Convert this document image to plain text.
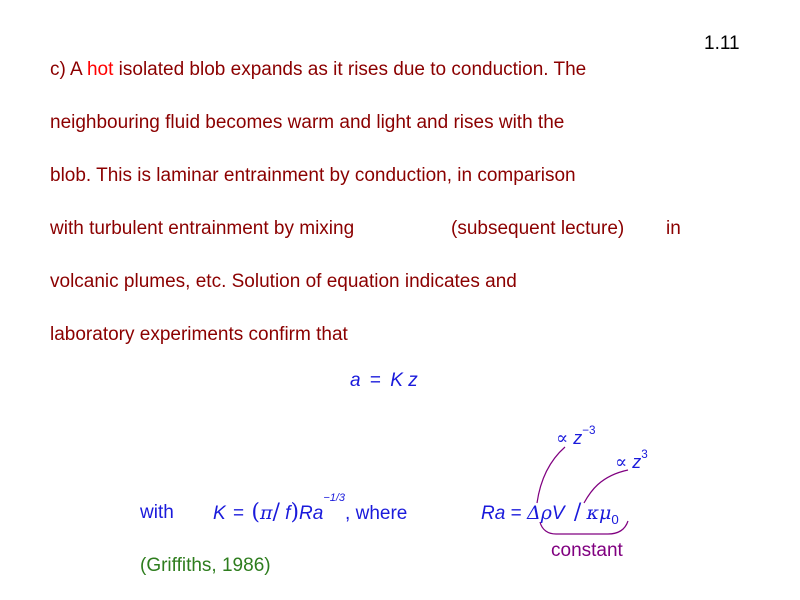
1.11
c) A hot isolated blob expands as it rises due to conduction. The
neighbouring fluid becomes warm and light and rises with the
blob. This is laminar entrainment by conduction, in comparison
with turbulent entrainment by mixing	(subsequent lecture) in
volcanic plumes, etc. Solution of equation indicates and
laboratory experiments confirm that
a = K z
∝ $z^{-3}$
∝ $z^3$
with K = (π/ $f)Ra^{-1/3}$, where	$Ra = \Delta\rho V / \kappa\mu_0$
constant
(Griffiths, 1986)
